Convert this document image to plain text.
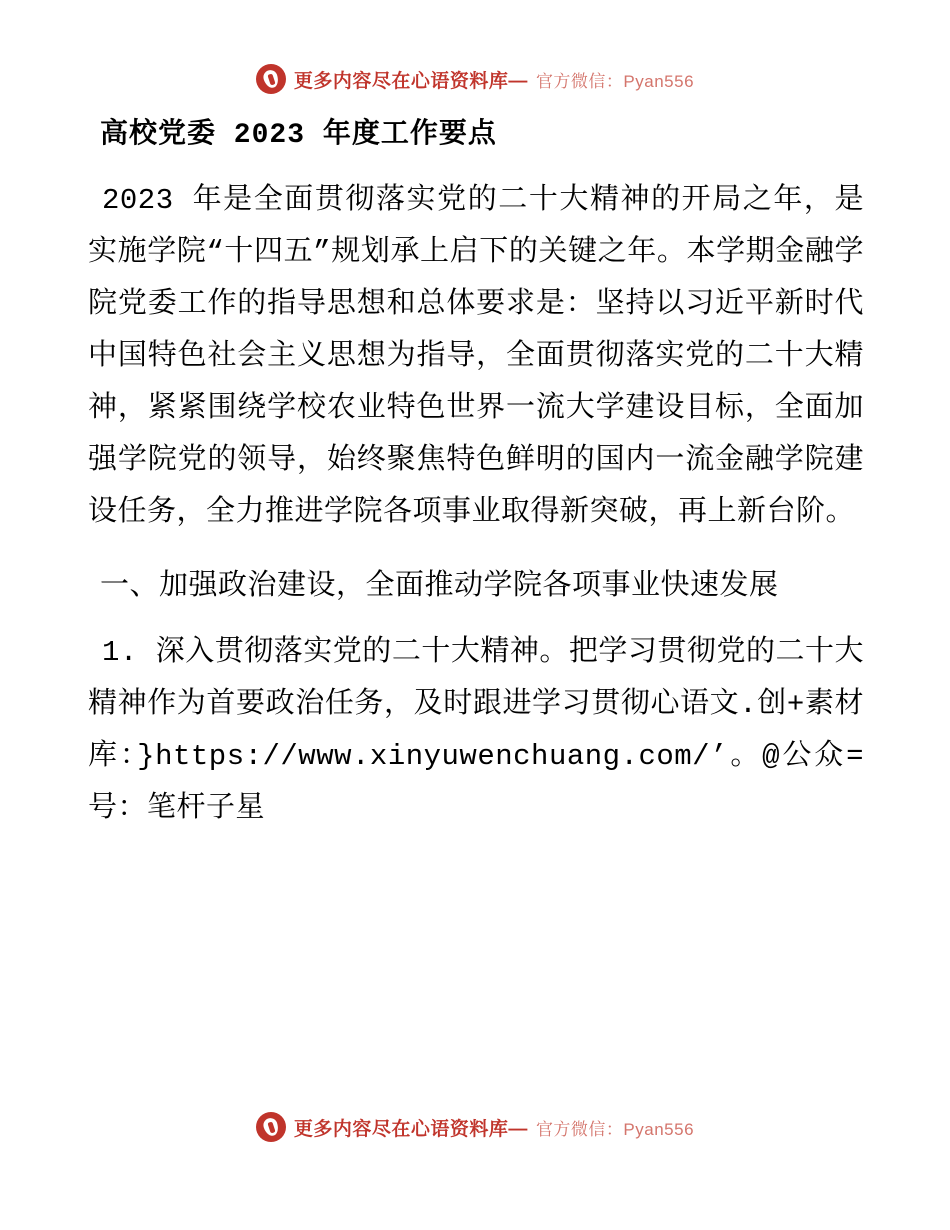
更多内容尽在心语资料库— 官方微信：Pyan556
高校党委 2023 年度工作要点

2023 年是全面贯彻落实党的二十大精神的开局之年，是实施学院“十四五”规划承上启下的关键之年。本学期金融学院党委工作的指导思想和总体要求是：坚持以习近平新时代中国特色社会主义思想为指导，全面贯彻落实党的二十大精神，紧紧围绕学校农业特色世界一流大学建设目标，全面加强学院党的领导，始终聚焦特色鲜明的国内一流金融学院建设任务，全力推进学院各项事业取得新突破，再上新台阶。

一、加强政治建设，全面推动学院各项事业快速发展

1. 深入贯彻落实党的二十大精神。把学习贯彻党的二十大精神作为首要政治任务，及时跟进学习贯彻心语文.创+素材库：}https://www.xinyuwenchuang.com/’。@公众=号：笔杆子星

更多内容尽在心语资料库— 官方微信：Pyan556
